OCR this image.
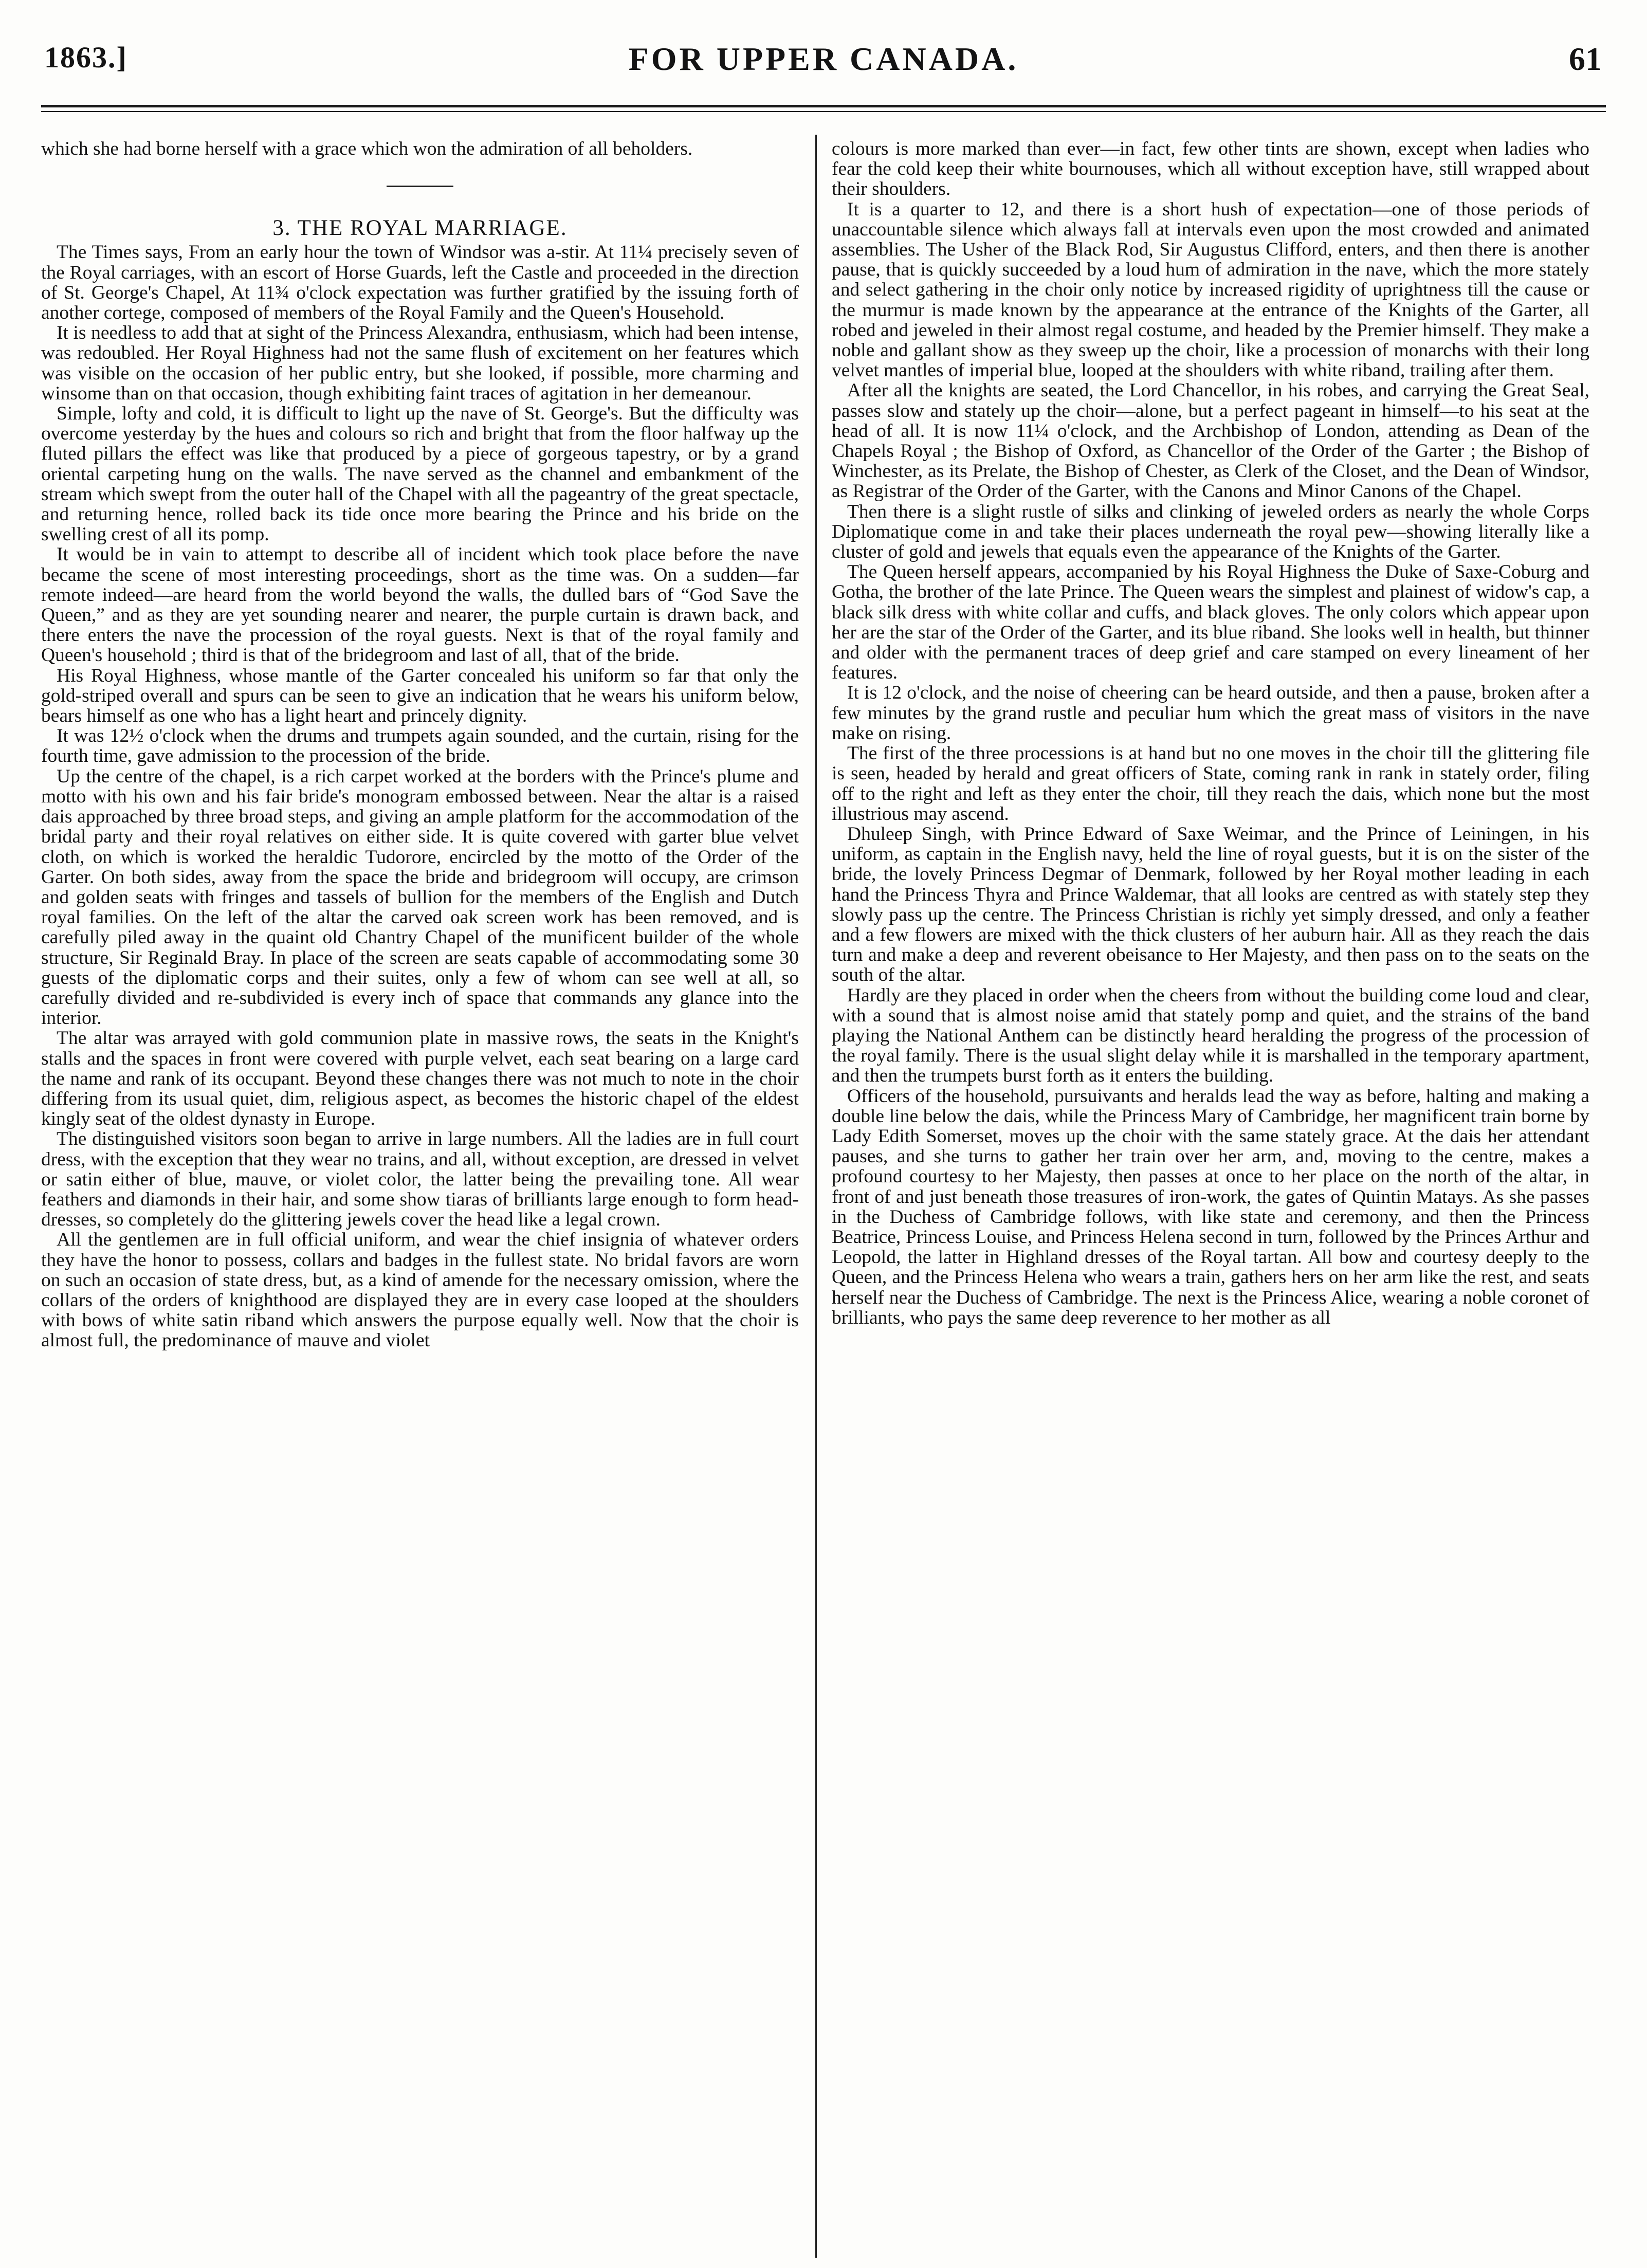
1863.]	FOR UPPER CANADA.	61

which she had borne herself with a grace which won the admiration of all beholders.

3. THE ROYAL MARRIAGE.

The Times says, From an early hour the town of Windsor was a-stir. At 11¼ precisely seven of the Royal carriages, with an escort of Horse Guards, left the Castle and proceeded in the direction of St. George's Chapel, At 11¾ o'clock expectation was further gratified by the issuing forth of another cortege, composed of members of the Royal Family and the Queen's Household.

It is needless to add that at sight of the Princess Alexandra, enthusiasm, which had been intense, was redoubled. Her Royal Highness had not the same flush of excitement on her features which was visible on the occasion of her public entry, but she looked, if possible, more charming and winsome than on that occasion, though exhibiting faint traces of agitation in her demeanour.

Simple, lofty and cold, it is difficult to light up the nave of St. George's. But the difficulty was overcome yesterday by the hues and colours so rich and bright that from the floor halfway up the fluted pillars the effect was like that produced by a piece of gorgeous tapestry, or by a grand oriental carpeting hung on the walls. The nave served as the channel and embankment of the stream which swept from the outer hall of the Chapel with all the pageantry of the great spectacle, and returning hence, rolled back its tide once more bearing the Prince and his bride on the swelling crest of all its pomp.

It would be in vain to attempt to describe all of incident which took place before the nave became the scene of most interesting proceedings, short as the time was. On a sudden—far remote indeed—are heard from the world beyond the walls, the dulled bars of “God Save the Queen,” and as they are yet sounding nearer and nearer, the purple curtain is drawn back, and there enters the nave the procession of the royal guests. Next is that of the royal family and Queen's household ; third is that of the bridegroom and last of all, that of the bride.

His Royal Highness, whose mantle of the Garter concealed his uniform so far that only the gold-striped overall and spurs can be seen to give an indication that he wears his uniform below, bears himself as one who has a light heart and princely dignity.

It was 12½ o'clock when the drums and trumpets again sounded, and the curtain, rising for the fourth time, gave admission to the procession of the bride.

Up the centre of the chapel, is a rich carpet worked at the borders with the Prince's plume and motto with his own and his fair bride's monogram embossed between. Near the altar is a raised dais approached by three broad steps, and giving an ample platform for the accommodation of the bridal party and their royal relatives on either side. It is quite covered with garter blue velvet cloth, on which is worked the heraldic Tudorore, encircled by the motto of the Order of the Garter. On both sides, away from the space the bride and bridegroom will occupy, are crimson and golden seats with fringes and tassels of bullion for the members of the English and Dutch royal families. On the left of the altar the carved oak screen work has been removed, and is carefully piled away in the quaint old Chantry Chapel of the munificent builder of the whole structure, Sir Reginald Bray. In place of the screen are seats capable of accommodating some 30 guests of the diplomatic corps and their suites, only a few of whom can see well at all, so carefully divided and re-subdivided is every inch of space that commands any glance into the interior.

The altar was arrayed with gold communion plate in massive rows, the seats in the Knight's stalls and the spaces in front were covered with purple velvet, each seat bearing on a large card the name and rank of its occupant. Beyond these changes there was not much to note in the choir differing from its usual quiet, dim, religious aspect, as becomes the historic chapel of the eldest kingly seat of the oldest dynasty in Europe.

The distinguished visitors soon began to arrive in large numbers. All the ladies are in full court dress, with the exception that they wear no trains, and all, without exception, are dressed in velvet or satin either of blue, mauve, or violet color, the latter being the prevailing tone. All wear feathers and diamonds in their hair, and some show tiaras of brilliants large enough to form head-dresses, so completely do the glittering jewels cover the head like a legal crown.

All the gentlemen are in full official uniform, and wear the chief insignia of whatever orders they have the honor to possess, collars and badges in the fullest state. No bridal favors are worn on such an occasion of state dress, but, as a kind of amende for the necessary omission, where the collars of the orders of knighthood are displayed they are in every case looped at the shoulders with bows of white satin riband which answers the purpose equally well. Now that the choir is almost full, the predominance of mauve and violet

colours is more marked than ever—in fact, few other tints are shown, except when ladies who fear the cold keep their white bournouses, which all without exception have, still wrapped about their shoulders.

It is a quarter to 12, and there is a short hush of expectation—one of those periods of unaccountable silence which always fall at intervals even upon the most crowded and animated assemblies. The Usher of the Black Rod, Sir Augustus Clifford, enters, and then there is another pause, that is quickly succeeded by a loud hum of admiration in the nave, which the more stately and select gathering in the choir only notice by increased rigidity of uprightness till the cause or the murmur is made known by the appearance at the entrance of the Knights of the Garter, all robed and jeweled in their almost regal costume, and headed by the Premier himself. They make a noble and gallant show as they sweep up the choir, like a procession of monarchs with their long velvet mantles of imperial blue, looped at the shoulders with white riband, trailing after them.

After all the knights are seated, the Lord Chancellor, in his robes, and carrying the Great Seal, passes slow and stately up the choir—alone, but a perfect pageant in himself—to his seat at the head of all. It is now 11¼ o'clock, and the Archbishop of London, attending as Dean of the Chapels Royal ; the Bishop of Oxford, as Chancellor of the Order of the Garter ; the Bishop of Winchester, as its Prelate, the Bishop of Chester, as Clerk of the Closet, and the Dean of Windsor, as Registrar of the Order of the Garter, with the Canons and Minor Canons of the Chapel.

Then there is a slight rustle of silks and clinking of jeweled orders as nearly the whole Corps Diplomatique come in and take their places underneath the royal pew—showing literally like a cluster of gold and jewels that equals even the appearance of the Knights of the Garter.

The Queen herself appears, accompanied by his Royal Highness the Duke of Saxe-Coburg and Gotha, the brother of the late Prince. The Queen wears the simplest and plainest of widow's cap, a black silk dress with white collar and cuffs, and black gloves. The only colors which appear upon her are the star of the Order of the Garter, and its blue riband. She looks well in health, but thinner and older with the permanent traces of deep grief and care stamped on every lineament of her features.

It is 12 o'clock, and the noise of cheering can be heard outside, and then a pause, broken after a few minutes by the grand rustle and peculiar hum which the great mass of visitors in the nave make on rising.

The first of the three processions is at hand but no one moves in the choir till the glittering file is seen, headed by herald and great officers of State, coming rank in rank in stately order, filing off to the right and left as they enter the choir, till they reach the dais, which none but the most illustrious may ascend.

Dhuleep Singh, with Prince Edward of Saxe Weimar, and the Prince of Leiningen, in his uniform, as captain in the English navy, held the line of royal guests, but it is on the sister of the bride, the lovely Princess Degmar of Denmark, followed by her Royal mother leading in each hand the Princess Thyra and Prince Waldemar, that all looks are centred as with stately step they slowly pass up the centre. The Princess Christian is richly yet simply dressed, and only a feather and a few flowers are mixed with the thick clusters of her auburn hair. All as they reach the dais turn and make a deep and reverent obeisance to Her Majesty, and then pass on to the seats on the south of the altar.

Hardly are they placed in order when the cheers from without the building come loud and clear, with a sound that is almost noise amid that stately pomp and quiet, and the strains of the band playing the National Anthem can be distinctly heard heralding the progress of the procession of the royal family. There is the usual slight delay while it is marshalled in the temporary apartment, and then the trumpets burst forth as it enters the building.

Officers of the household, pursuivants and heralds lead the way as before, halting and making a double line below the dais, while the Princess Mary of Cambridge, her magnificent train borne by Lady Edith Somerset, moves up the choir with the same stately grace. At the dais her attendant pauses, and she turns to gather her train over her arm, and, moving to the centre, makes a profound courtesy to her Majesty, then passes at once to her place on the north of the altar, in front of and just beneath those treasures of iron-work, the gates of Quintin Matays. As she passes in the Duchess of Cambridge follows, with like state and ceremony, and then the Princess Beatrice, Princess Louise, and Princess Helena second in turn, followed by the Princes Arthur and Leopold, the latter in Highland dresses of the Royal tartan. All bow and courtesy deeply to the Queen, and the Princess Helena who wears a train, gathers hers on her arm like the rest, and seats herself near the Duchess of Cambridge. The next is the Princess Alice, wearing a noble coronet of brilliants, who pays the same deep reverence to her mother as all
